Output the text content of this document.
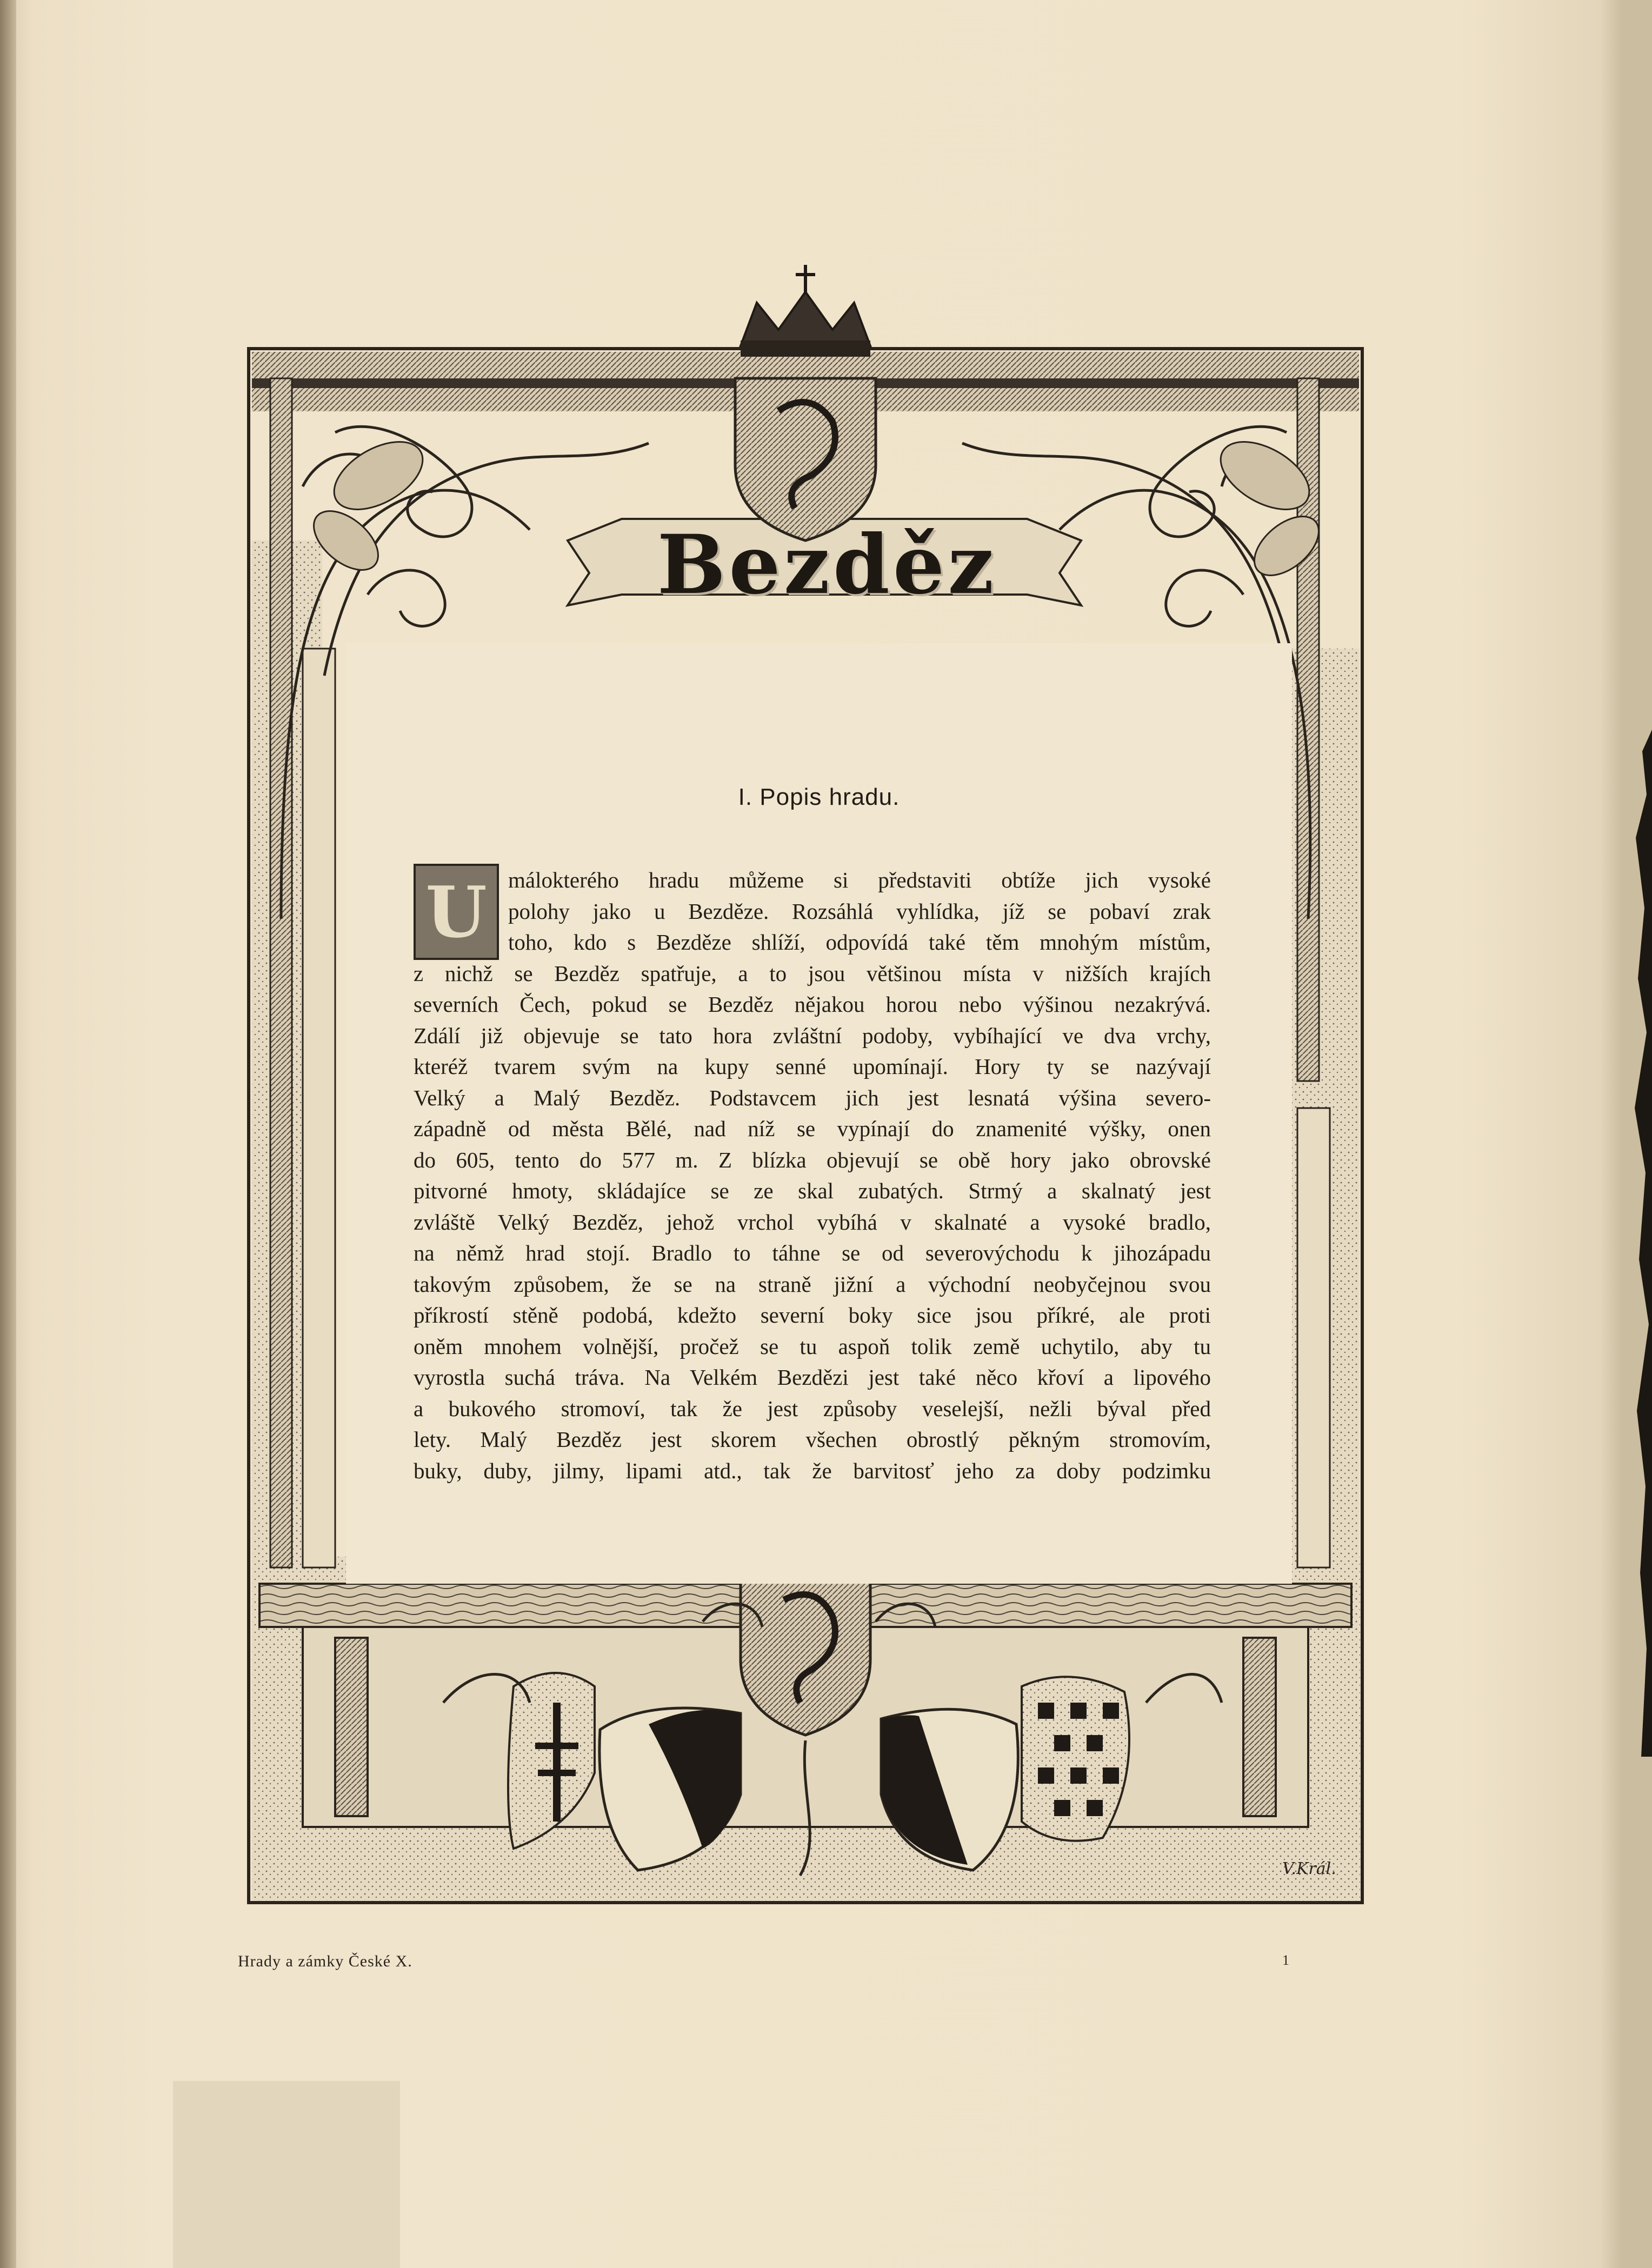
Bezděz
I. Popis hradu.
U málokterého hradu můžeme si představiti obtíže jich vysoké
polohy jako u Bezděze. Rozsáhlá vyhlídka, jíž se pobaví zrak
toho, kdo s Bezděze shlíží, odpovídá také těm mnohým místům,
z nichž se Bezděz spatřuje, a to jsou většinou místa v nižších krajích
severních Čech, pokud se Bezděz nějakou horou nebo výšinou nezakrývá.
Zdálí již objevuje se tato hora zvláštní podoby, vybíhající ve dva vrchy,
kteréž tvarem svým na kupy senné upomínají. Hory ty se nazývají
Velký a Malý Bezděz. Podstavcem jich jest lesnatá výšina severo-
západně od města Bělé, nad níž se vypínají do znamenité výšky, onen
do 605, tento do 577 m. Z blízka objevují se obě hory jako obrovské
pitvorné hmoty, skládajíce se ze skal zubatých. Strmý a skalnatý jest
zvláště Velký Bezděz, jehož vrchol vybíhá v skalnaté a vysoké bradlo,
na němž hrad stojí. Bradlo to táhne se od severovýchodu k jihozápadu
takovým způsobem, že se na straně jižní a východní neobyčejnou svou
příkrostí stěně podobá, kdežto severní boky sice jsou příkré, ale proti
oněm mnohem volnější, pročež se tu aspoň tolik země uchytilo, aby tu
vyrostla suchá tráva. Na Velkém Bezdězi jest také něco křoví a lipového
a bukového stromoví, tak že jest způsoby veselejší, nežli býval před
lety. Malý Bezděz jest skorem všechen obrostlý pěkným stromovím,
buky, duby, jilmy, lipami atd., tak že barvitosť jeho za doby podzimku
V.Král.
Hrady a zámky České X.	1
